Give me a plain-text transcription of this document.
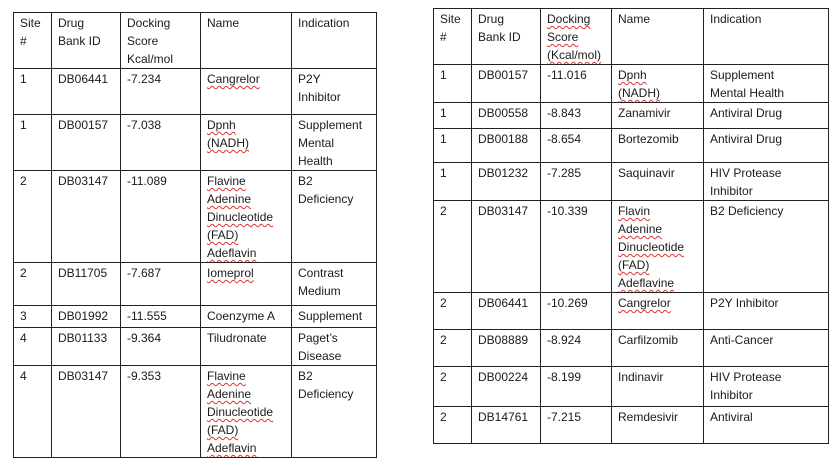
Site
#	Drug
Bank ID	Docking
Score
Kcal/mol	Name	Indication
1	DB06441	-7.234	Cangrelor	P2Y
Inhibitor
1	DB00157	-7.038	Dpnh
(NADH)	Supplement
Mental
Health
2	DB03147	-11.089	Flavine
Adenine
Dinucleotide
(FAD)
Adeflavin	B2
Deficiency
2	DB11705	-7.687	Iomeprol	Contrast
Medium
3	DB01992	-11.555	Coenzyme A	Supplement
4	DB01133	-9.364	Tiludronate	Paget’s
Disease
4	DB03147	-9.353	Flavine
Adenine
Dinucleotide
(FAD)
Adeflavin	B2
Deficiency
Site
#	Drug
Bank ID	Docking
Score
(Kcal/mol)	Name	Indication
1	DB00157	-11.016	Dpnh
(NADH)	Supplement
Mental Health
1	DB00558	-8.843	Zanamivir	Antiviral Drug
1	DB00188	-8.654	Bortezomib	Antiviral Drug
1	DB01232	-7.285	Saquinavir	HIV Protease
Inhibitor
2	DB03147	-10.339	Flavin
Adenine
Dinucleotide
(FAD)
Adeflavine	B2 Deficiency
2	DB06441	-10.269	Cangrelor	P2Y Inhibitor
2	DB08889	-8.924	Carfilzomib	Anti-Cancer
2	DB00224	-8.199	Indinavir	HIV Protease
Inhibitor
2	DB14761	-7.215	Remdesivir	Antiviral
